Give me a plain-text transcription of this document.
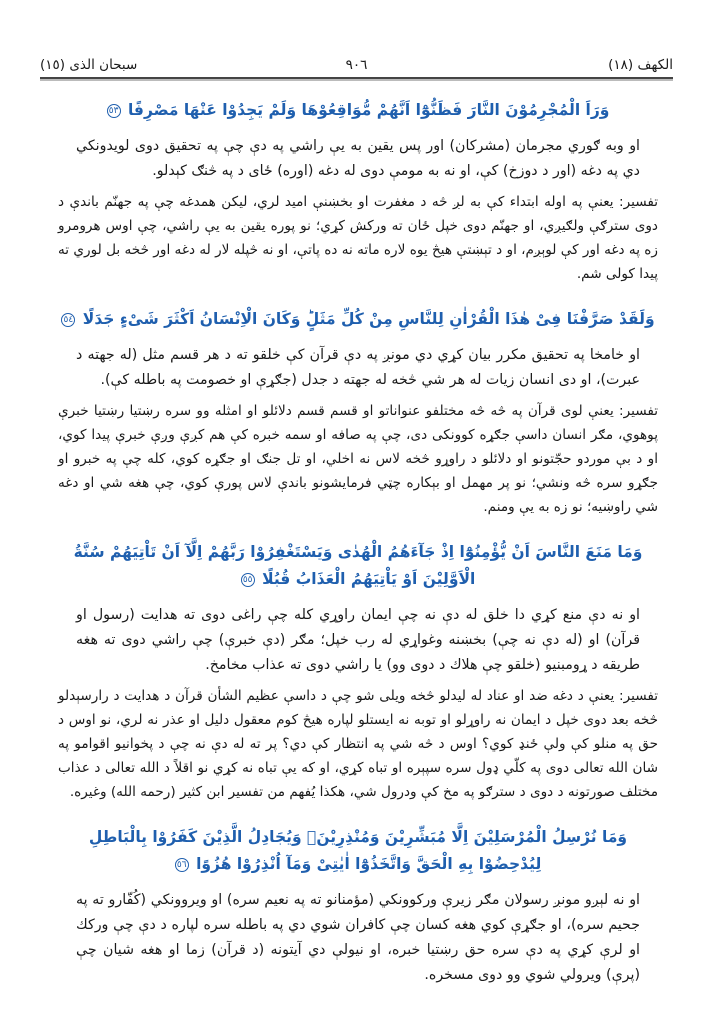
الكهف (١٨)
٩٠٦
سبحان الذى (١٥)
وَرَاَ الْمُجْرِمُوْنَ النَّارَ فَظَنُّوْٓا اَنَّهُمْ مُّوَاقِعُوْهَا وَلَمْ يَجِدُوْا عَنْهَا مَصْرِفًا ٥٣
او وبه ګوري مجرمان (مشركان) اور پس يقين به يې راشي په دې چې په تحقيق دوى لويدونكي دي په دغه (اور د دوزخ) كې، او نه به مومې دوى له دغه (اوره) ځاى د په څنګ كېدلو.
تفسير: يعنې په اوله ابتداء كې به لږ څه د مغفرت او بخښنې اميد لري، ليكن همدغه چې په جهنّم باندې د دوى سترګې ولګيږي، او جهنّم دوى خپل ځان ته وركش كړي؛ نو پوره يقين به يې راشي، چې اوس هرومرو زه په دغه اور كې لوېږم، او د تېښتې هيڅ يوه لاره ماته نه ده پاتې، او نه څپله لار له دغه اور څخه بل لوري ته پيدا كولى شم.
وَلَقَدْ صَرَّفْنَا فِىْ هٰذَا الْقُرْاٰنِ لِلنَّاسِ مِنْ كُلِّ مَثَلٍؕ وَكَانَ الْاِنْسَانُ اَكْثَرَ شَىْءٍ جَدَلًا ٥٤
او خامخا په تحقيق مكرر بيان كړي دي مونږ په دې قرآن كې خلقو ته د هر قسم مثل (له جهته د عبرت)، او دى انسان زيات له هر شي څخه له جهته د جدل (جګړې او خصومت په باطله كې).
تفسير: يعنې لوى قرآن په څه څه مختلفو عنواناتو او قسم قسم دلائلو او امثله وو سره رښتيا رښتيا خبرې پوهوي، مګر انسان داسې جګړه كوونكى دى، چې په صافه او سمه خبره كې هم كږې وږې خبرې پيدا كوي، او د بې موردو حجّتونو او دلائلو د راوړو څخه لاس نه اخلي، او تل جنګ او جګړه كوي، كله چې په خبرو او جګړو سره څه ونشي؛ نو پر مهمل او بېكاره چټي فرمايشونو باندې لاس پورې كوي، چې هغه شي او دغه شي راوښيه؛ نو زه به يې ومنم.
وَمَا مَنَعَ النَّاسَ اَنْ يُّؤْمِنُوْٓا اِذْ جَآءَهُمُ الْهُدٰى وَيَسْتَغْفِرُوْا رَبَّهُمْ اِلَّآ اَنْ تَاْتِيَهُمْ سُنَّةُ الْاَوَّلِيْنَ اَوْ يَاْتِيَهُمُ الْعَذَابُ قُبُلًا ٥٥
او نه دې منع كړي دا خلق له دې نه چې ايمان راوړي كله چې راغى دوى ته هدايت (رسول او قرآن) او (له دې نه چې) بخښنه وغواړي له رب خپل؛ مګر (دې خبرې) چې راشي دوى ته هغه طريقه د ړومبنيو (خلقو چې هلاك د دوى وو) يا راشي دوى ته عذاب مخامخ.
تفسير: يعنې د دغه ضد او عناد له ليدلو څخه ويلى شو چې د داسې عظيم الشأن قرآن د هدايت د رارسېدلو څخه بعد دوى خپل د ايمان نه راوړلو او توبه نه ايستلو لپاره هيڅ كوم معقول دليل او عذر نه لري، نو اوس د حق په منلو كې ولې ځنډ كوي؟ اوس د څه شي په انتظار كې دي؟ پر ته له دې نه چې د پخوانيو اقوامو په شان الله تعالى دوى په كلّي ډول سره سپېره او تباه كړي، او كه يې تباه نه كړي نو اقلاً د الله تعالى د عذاب مختلف صورتونه د دوى د سترګو په مخ كې ودرول شي، هكذا يُفهم من تفسير ابن كثير (رحمه الله) وغيره.
وَمَا نُرْسِلُ الْمُرْسَلِيْنَ اِلَّا مُبَشِّرِيْنَ وَمُنْذِرِيْنَۚ وَيُجَادِلُ الَّذِيْنَ كَفَرُوْا بِالْبَاطِلِ لِيُدْحِضُوْا بِهِ الْحَقَّ وَاتَّخَذُوْٓا اٰيٰتِىْ وَمَآ اُنْذِرُوْا هُزُوًا ٥٦
او نه لېږو مونږ رسولان مګر زيرې وركوونكي (مؤمنانو ته په نعيم سره) او ويروونكي (كُفّارو ته په جحيم سره)، او جګړې كوي هغه كسان چې كافران شوي دي په باطله سره لپاره د دې چې وركك او لرې كړي په دې سره حق رښتيا خبره، او نيولې دي آيتونه (د قرآن) زما او هغه شيان چې (پرې) ويرولي شوي وو دوى مسخره.
